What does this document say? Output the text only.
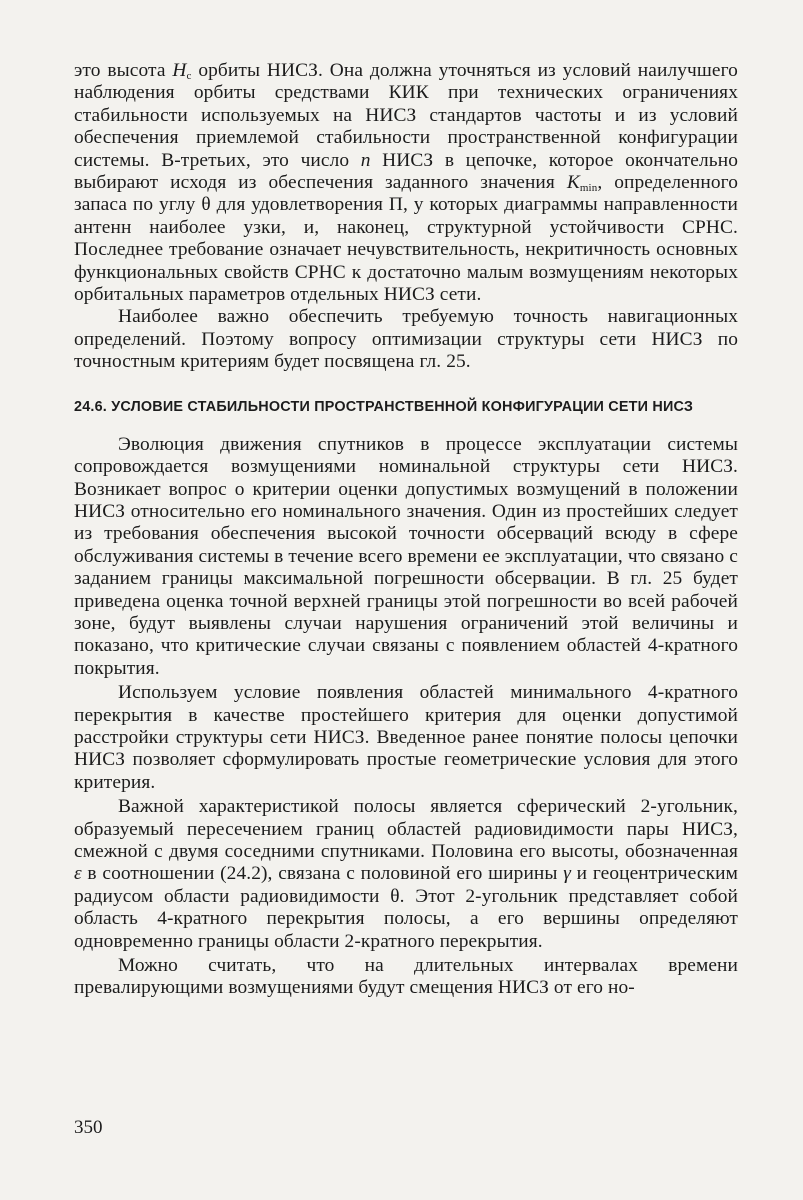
это высота $H_c$ орбиты НИСЗ. Она должна уточняться из условий наилучшего наблюдения орбиты средствами КИК при технических ограничениях стабильности используемых на НИСЗ стандартов частоты и из условий обеспечения приемлемой стабильности пространственной конфигурации системы. В-третьих, это число n НИСЗ в цепочке, которое окончательно выбирают исходя из обеспечения заданного значения $K_{min}$, определенного запаса по углу θ для удовлетворения П, у которых диаграммы направленности антенн наиболее узки, и, наконец, структурной устойчивости СРНС. Последнее требование означает нечувствительность, некритичность основных функциональных свойств СРНС к достаточно малым возмущениям некоторых орбитальных параметров отдельных НИСЗ сети.

Наиболее важно обеспечить требуемую точность навигационных определений. Поэтому вопросу оптимизации структуры сети НИСЗ по точностным критериям будет посвящена гл. 25.

24.6. УСЛОВИЕ СТАБИЛЬНОСТИ ПРОСТРАНСТВЕННОЙ КОНФИГУРАЦИИ СЕТИ НИСЗ

Эволюция движения спутников в процессе эксплуатации системы сопровождается возмущениями номинальной структуры сети НИСЗ. Возникает вопрос о критерии оценки допустимых возмущений в положении НИСЗ относительно его номинального значения. Один из простейших следует из требования обеспечения высокой точности обсерваций всюду в сфере обслуживания системы в течение всего времени ее эксплуатации, что связано с заданием границы максимальной погрешности обсервации. В гл. 25 будет приведена оценка точной верхней границы этой погрешности во всей рабочей зоне, будут выявлены случаи нарушения ограничений этой величины и показано, что критические случаи связаны с появлением областей 4-кратного покрытия.

Используем условие появления областей минимального 4-кратного перекрытия в качестве простейшего критерия для оценки допустимой расстройки структуры сети НИСЗ. Введенное ранее понятие полосы цепочки НИСЗ позволяет сформулировать простые геометрические условия для этого критерия.

Важной характеристикой полосы является сферический 2-угольник, образуемый пересечением границ областей радиовидимости пары НИСЗ, смежной с двумя соседними спутниками. Половина его высоты, обозначенная ε в соотношении (24.2), связана с половиной его ширины γ и геоцентрическим радиусом области радиовидимости θ. Этот 2-угольник представляет собой область 4-кратного перекрытия полосы, а его вершины определяют одновременно границы области 2-кратного перекрытия.

Можно считать, что на длительных интервалах времени превалирующими возмущениями будут смещения НИСЗ от его но-

350
